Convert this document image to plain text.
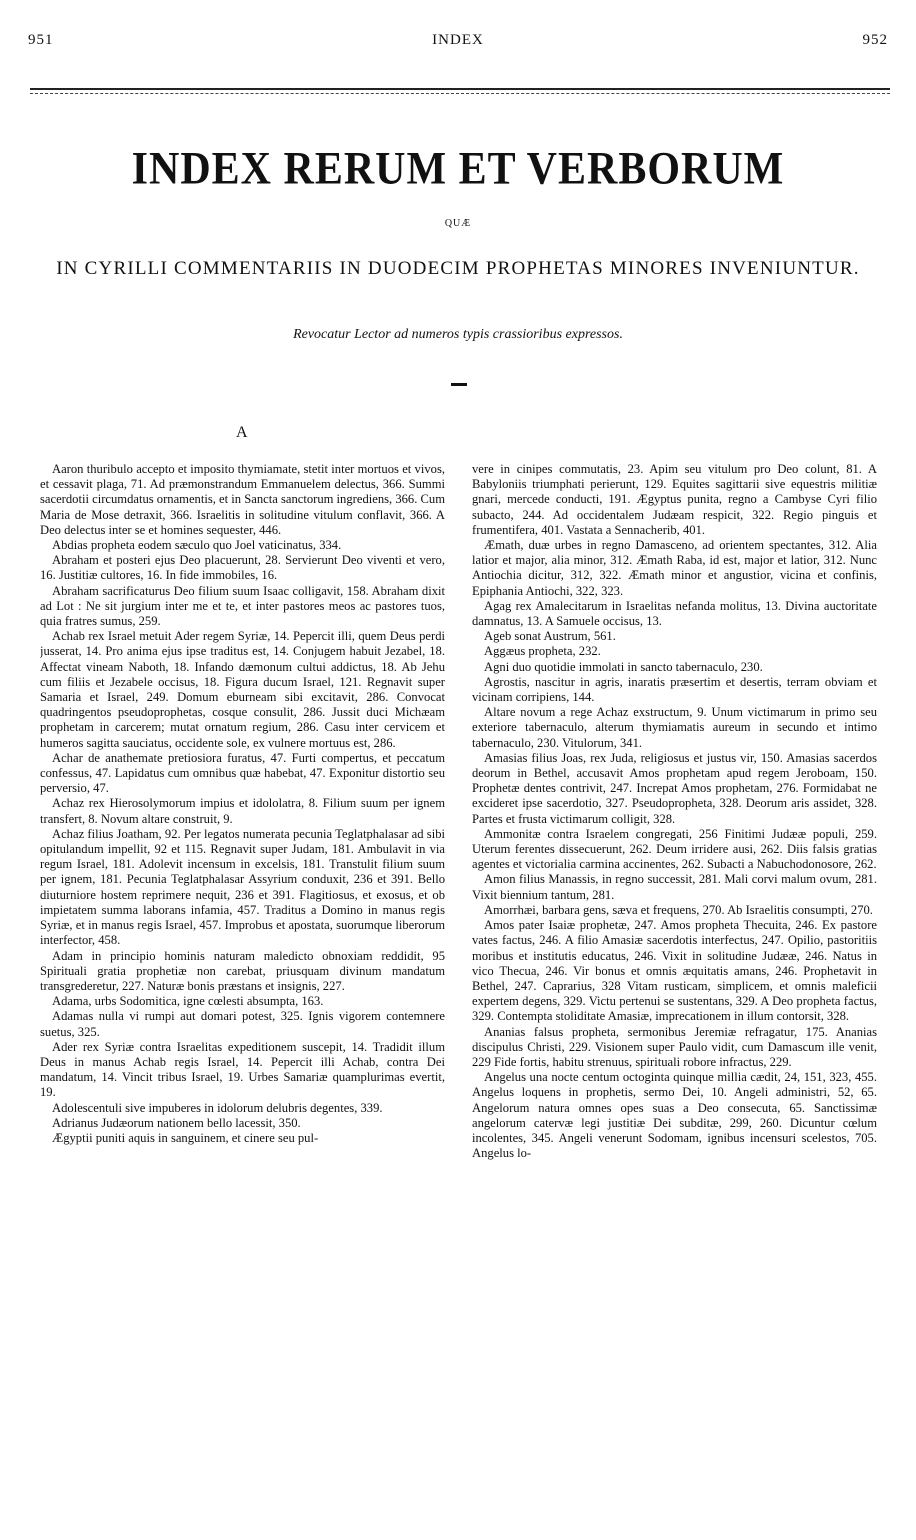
951	INDEX	952
INDEX RERUM ET VERBORUM
QUÆ
IN CYRILLI COMMENTARIIS IN DUODECIM PROPHETAS MINORES INVENIUNTUR.
Revocatur Lector ad numeros typis crassioribus expressos.
A

Aaron thuribulo accepto et imposito thymiamate, stetit inter mortuos et vivos, et cessavit plaga, 71. Ad præmonstrandum Emmanuelem delectus, 366. Summi sacerdotii circumdatus ornamentis, et in Sancta sanctorum ingrediens, 366. Cum Maria de Mose detraxit, 366. Israelitis in solitudine vitulum conflavit, 366. A Deo delectus inter se et homines sequester, 446.

Abdias propheta eodem sæculo quo Joel vaticinatus, 334.

Abraham et posteri ejus Deo placuerunt, 28. Servierunt Deo viventi et vero, 16. Justitiæ cultores, 16. In fide immobiles, 16.

Abraham sacrificaturus Deo filium suum Isaac colligavit, 158. Abraham dixit ad Lot : Ne sit jurgium inter me et te, et inter pastores meos ac pastores tuos, quia fratres sumus, 259.

Achab rex Israel metuit Ader regem Syriæ, 14. Pepercit illi, quem Deus perdi jusserat, 14. Pro anima ejus ipse traditus est, 14. Conjugem habuit Jezabel, 18. Affectat vineam Naboth, 18. Infando dæmonum cultui addictus, 18. Ab Jehu cum filiis et Jezabele occisus, 18. Figura ducum Israel, 121. Regnavit super Samaria et Israel, 249. Domum eburneam sibi excitavit, 286. Convocat quadringentos pseudoprophetas, cosque consulit, 286. Jussit duci Michæam prophetam in carcerem; mutat ornatum regium, 286. Casu inter cervicem et humeros sagitta sauciatus, occidente sole, ex vulnere mortuus est, 286.

Achar de anathemate pretiosiora furatus, 47. Furti compertus, et peccatum confessus, 47. Lapidatus cum omnibus quæ habebat, 47. Exponitur distortio seu perversio, 47.

Achaz rex Hierosolymorum impius et idololatra, 8. Filium suum per ignem transfert, 8. Novum altare construit, 9.

Achaz filius Joatham, 92. Per legatos numerata pecunia Teglatphalasar ad sibi opitulandum impellit, 92 et 115. Regnavit super Judam, 181. Ambulavit in via regum Israel, 181. Adolevit incensum in excelsis, 181. Transtulit filium suum per ignem, 181. Pecunia Teglatphalasar Assyrium conduxit, 236 et 391. Bello diuturniore hostem reprimere nequit, 236 et 391. Flagitiosus, et exosus, et ob impietatem summa laborans infamia, 457. Traditus a Domino in manus regis Syriæ, et in manus regis Israel, 457. Improbus et apostata, suorumque liberorum interfector, 458.

Adam in principio hominis naturam maledicto obnoxiam reddidit, 95 Spirituali gratia prophetiæ non carebat, priusquam divinum mandatum transgrederetur, 227. Naturæ bonis præstans et insignis, 227.

Adama, urbs Sodomitica, igne cœlesti absumpta, 163.

Adamas nulla vi rumpi aut domari potest, 325. Ignis vigorem contemnere suetus, 325.

Ader rex Syriæ contra Israelitas expeditionem suscepit, 14. Tradidit illum Deus in manus Achab regis Israel, 14. Pepercit illi Achab, contra Dei mandatum, 14. Vincit tribus Israel, 19. Urbes Samariæ quamplurimas evertit, 19.

Adolescentuli sive impuberes in idolorum delubris degentes, 339.

Adrianus Judæorum nationem bello lacessit, 350.

Ægyptii puniti aquis in sanguinem, et cinere seu pul-

vere in cinipes commutatis, 23. Apim seu vitulum pro Deo colunt, 81. A Babyloniis triumphati perierunt, 129. Equites sagittarii sive equestris militiæ gnari, mercede conducti, 191. Ægyptus punita, regno a Cambyse Cyri filio subacto, 244. Ad occidentalem Judæam respicit, 322. Regio pinguis et frumentifera, 401. Vastata a Sennacherib, 401.

Æmath, duæ urbes in regno Damasceno, ad orientem spectantes, 312. Alia latior et major, alia minor, 312. Æmath Raba, id est, major et latior, 312. Nunc Antiochia dicitur, 312, 322. Æmath minor et angustior, vicina et confinis, Epiphania Antiochi, 322, 323.

Agag rex Amalecitarum in Israelitas nefanda molitus, 13. Divina auctoritate damnatus, 13. A Samuele occisus, 13.

Ageb sonat Austrum, 561.

Aggæus propheta, 232.

Agni duo quotidie immolati in sancto tabernaculo, 230.

Agrostis, nascitur in agris, inaratis præsertim et desertis, terram obviam et vicinam corripiens, 144.

Altare novum a rege Achaz exstructum, 9. Unum victimarum in primo seu exteriore tabernaculo, alterum thymiamatis aureum in secundo et intimo tabernaculo, 230. Vitulorum, 341.

Amasias filius Joas, rex Juda, religiosus et justus vir, 150. Amasias sacerdos deorum in Bethel, accusavit Amos prophetam apud regem Jeroboam, 150. Prophetæ dentes contrivit, 247. Increpat Amos prophetam, 276. Formidabat ne excideret ipse sacerdotio, 327. Pseudopropheta, 328. Deorum aris assidet, 328. Partes et frusta victimarum colligit, 328.

Ammonitæ contra Israelem congregati, 256 Finitimi Judææ populi, 259. Uterum ferentes dissecuerunt, 262. Deum irridere ausi, 262. Diis falsis gratias agentes et victorialia carmina accinentes, 262. Subacti a Nabuchodonosore, 262.

Amon filius Manassis, in regno successit, 281. Mali corvi malum ovum, 281. Vixit biennium tantum, 281.

Amorrhæi, barbara gens, sæva et frequens, 270. Ab Israelitis consumpti, 270.

Amos pater Isaiæ prophetæ, 247. Amos propheta Thecuita, 246. Ex pastore vates factus, 246. A filio Amasiæ sacerdotis interfectus, 247. Opilio, pastoritiis moribus et institutis educatus, 246. Vixit in solitudine Judææ, 246. Natus in vico Thecua, 246. Vir bonus et omnis æquitatis amans, 246. Prophetavit in Bethel, 247. Caprarius, 328 Vitam rusticam, simplicem, et omnis maleficii expertem degens, 329. Victu pertenui se sustentans, 329. A Deo propheta factus, 329. Contempta stoliditate Amasiæ, imprecationem in illum contorsit, 328.

Ananias falsus propheta, sermonibus Jeremiæ refragatur, 175. Ananias discipulus Christi, 229. Visionem super Paulo vidit, cum Damascum ille venit, 229 Fide fortis, habitu strenuus, spirituali robore infractus, 229.

Angelus una nocte centum octoginta quinque millia cædit, 24, 151, 323, 455. Angelus loquens in prophetis, sermo Dei, 10. Angeli administri, 52, 65. Angelorum natura omnes opes suas a Deo consecuta, 65. Sanctissimæ angelorum catervæ legi justitiæ Dei subditæ, 299, 260. Dicuntur cœlum incolentes, 345. Angeli venerunt Sodomam, ignibus incensuri scelestos, 705. Angelus lo-
